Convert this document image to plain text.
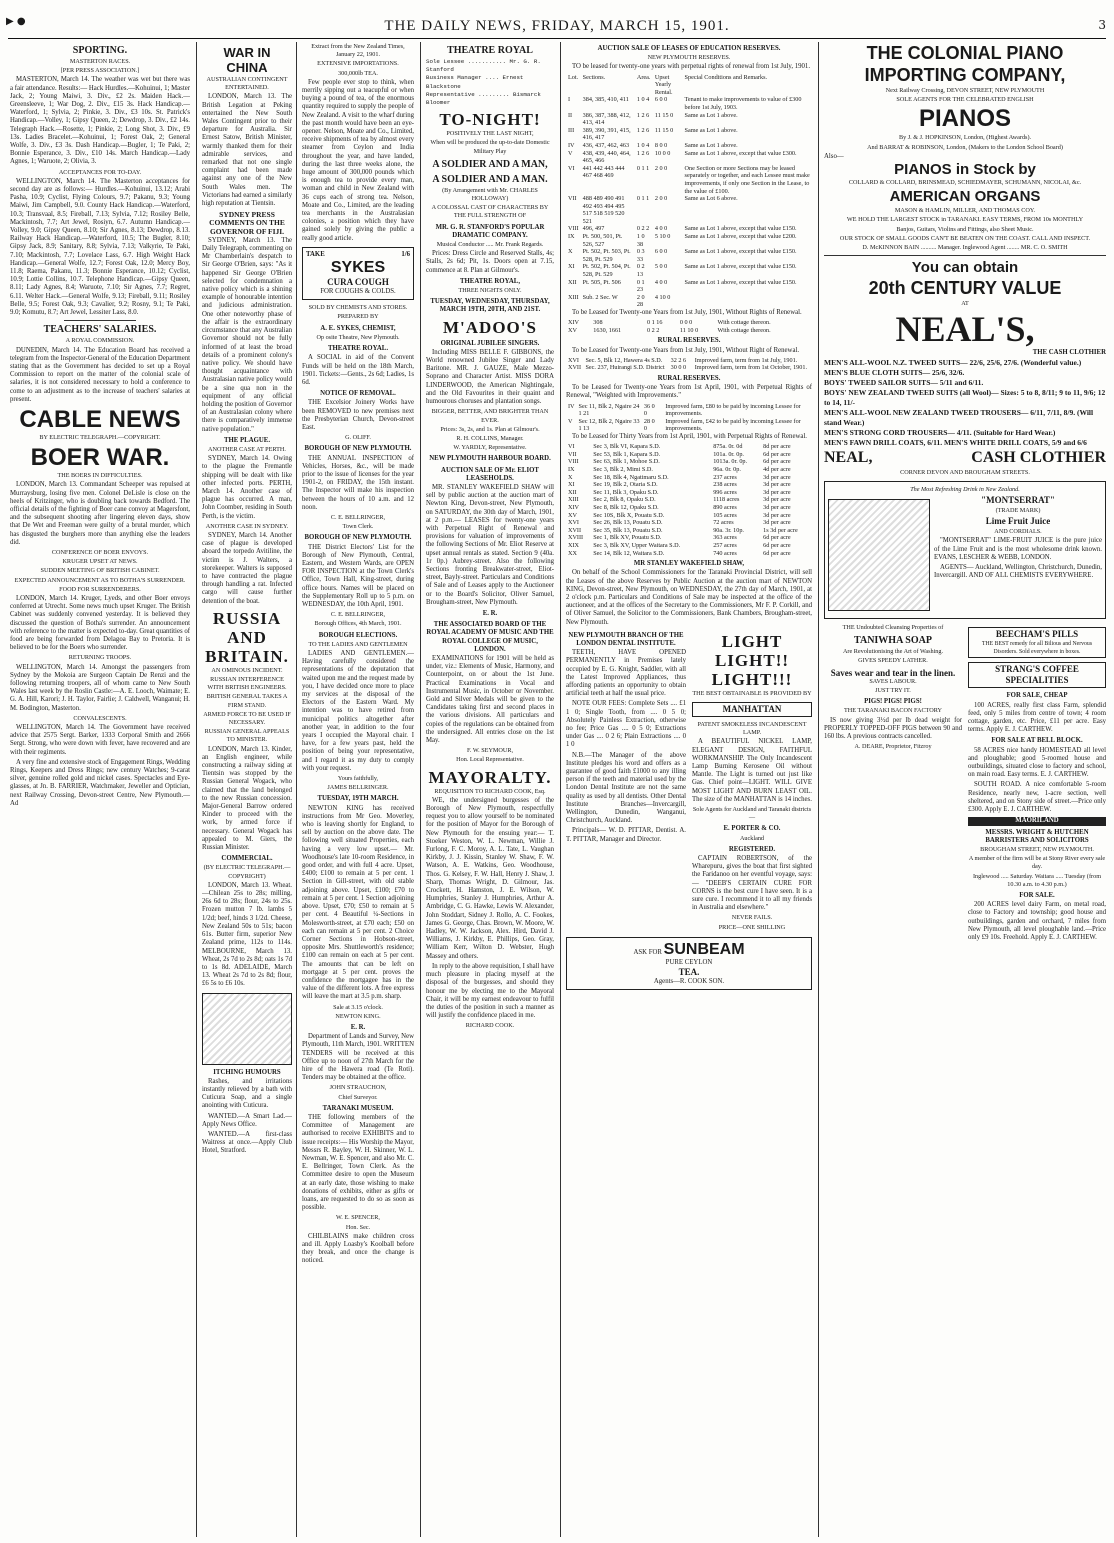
▶ ●	THE DAILY NEWS, FRIDAY, MARCH 15, 1901.	3
SPORTING.
MASTERTON RACES.
[PER PRESS ASSOCIATION.]

MASTERTON, March 14. The weather was wet but there was a fair attendance. Results:— Hack Hurdles.—Kohuinui, 1; Master Jack, 2; Young Maiwi, 3. Div., £2 2s. Maiden Hack.—Greensleeve, 1; War Dog, 2. Div., £15 3s. Hack Handicap.—Waterford, 1; Sylvia, 2; Pinkie, 3. Div., £3 10s. St. Patrick's Handicap.—Volley, 1; Gipsy Queen, 2; Dewdrop, 3. Div., £2 14s. Telegraph Hack.—Rosette, 1; Pinkie, 2; Long Shot, 3. Div., £9 13s. Ladies Bracelet.—Kohuinui, 1; Forest Oak, 2; General Wolfe, 3. Div., £3 3s. Dash Handicap.—Bugler, 1; Te Paki, 2; Bonnie Esperance, 3. Div., £10 14s. March Handicap.—Lady Agnes, 1; Waruote, 2; Olivia, 3.

ACCEPTANCES FOR TO-DAY.

WELLINGTON, March 14. The Masterton acceptances for second day are as follows:— Hurdles.—Kohuinui, 13.12; Arabi Pasha, 10.9; Cyclist, Flying Colours, 9.7; Pakanu, 9.3; Young Maiwi, Jim Campbell, 9.0. County Hack Handicap.—Waterford, 10.3; Transvaal, 8.5; Fireball, 7.13; Sylvia, 7.12; Rosiley Belle, Mackintosh, 7.7; Art Jewel, Rosiyn, 6.7. Autumn Handicap.—Volley, 9.0; Gipsy Queen, 8.10; Sir Agnes, 8.13; Dewdrop, 8.13. Railway Hack Handicap.—Waterford, 10.5; The Bugler, 8.10; Gipsy Jack, 8.9; Sanitary, 8.8; Sylvia, 7.13; Valkyrie, Te Paki, 7.10; Mackintosh, 7.7; Lovelace Lass, 6.7. High Weight Hack Handicap.—General Wolfe, 12.7; Forest Oak, 12.0; Mercy Boy, 11.8; Raema, Pakanu, 11.3; Bonnie Esperance, 10.12; Cyclist, 10.9; Lottie Collins, 10.7. Telephone Handicap.—Gipsy Queen, 8.11; Lady Agnes, 8.4; Waruote, 7.10; Sir Agnes, 7.7; Regret, 6.11. Welter Hack.—General Wolfe, 9.13; Fireball, 9.11; Rosiley Belle, 9.5; Forest Oak, 9.3; Cavalier, 9.2; Rosny, 9.1; Te Paki, 9.0; Komutu, 8.7; Art Jewel, Lessiter Lass, 8.0.

TEACHERS' SALARIES.
A ROYAL COMMISSION.

DUNEDIN, March 14. The Education Board has received a telegram from the Inspector-General of the Education Department stating that as the Government has decided to set up a Royal Commission to report on the matter of the colonial scale of salaries, it is not considered necessary to hold a conference to come to an adjustment as to the increase of teachers' salaries at present.

CABLE NEWS
BY ELECTRIC TELEGRAPH.—COPYRIGHT.
BOER WAR.
THE BOERS IN DIFFICULTIES.

LONDON, March 13. Commandant Scheeper was repulsed at Murraysburg, losing five men. Colonel DeLisle is close on the heels of Kritzinger, who is doubling back towards Bedford. The official details of the fighting of Boer cane convoy at Magersfont, and the subsequent shooting after lingering eleven days, show that De Wet and Freeman were guilty of a brutal murder, which has disgusted the burghers more than anything else the leaders did.

CONFERENCE OF BOER ENVOYS.
KRUGER UPSET AT NEWS.
SUDDEN MEETING OF BRITISH CABINET.
EXPECTED ANNOUNCEMENT AS TO BOTHA'S SURRENDER.
FOOD FOR SURRENDERERS.

LONDON, March 14. Kruger, Lyeds, and other Boer envoys conferred at Utrecht. Some news much upset Kruger. The British Cabinet was suddenly convened yesterday. It is believed they discussed the question of Botha's surrender. An announcement with reference to the matter is expected to-day. Great quantities of food are being forwarded from Delagoa Bay to Pretoria. It is believed to be for the Boers who surrender.

RETURNING TROOPS.

WELLINGTON, March 14. Amongst the passengers from Sydney by the Mokoia are Surgeon Captain De Renzi and the following returning troopers, all of whom came to New South Wales last week by the Roslin Castle:—A. E. Looch, Waimate; E. G. A. Hill, Karori; J. H. Taylor, Fairlie; J. Caldwell, Wanganui; H. M. Bodington, Masterton.

CONVALESCENTS.

WELLINGTON, March 14. The Government have received advice that 2575 Sergt. Barker, 1333 Corporal Smith and 2666 Sergt. Strong, who were down with fever, have recovered and are with their regiments.

A very fine and extensive stock of Engagement Rings, Wedding Rings, Keepers and Dress Rings; new century Watches; 9-carat silver, genuine rolled gold and nickel cases. Spectacles and Eye-glasses, at Jn. B. FARRIER, Watchmaker, Jeweller and Optician, next Railway Crossing, Devon-street Centre, New Plymouth.—Ad

WAR IN CHINA
AUSTRALIAN CONTINGENT ENTERTAINED.

LONDON, March 13. The British Legation at Peking entertained the New South Wales Contingent prior to their departure for Australia. Sir Ernest Satow, British Minister, warmly thanked them for their admirable services, and remarked that not one single complaint had been made against any one of the New South Wales men. The Victorians had earned a similarly high reputation at Tientsin.

SYDNEY PRESS COMMENTS ON THE GOVERNOR OF FIJI.

SYDNEY, March 13. The Daily Telegraph, commenting on Mr Chamberlain's despatch to Sir George O'Brien, says: "As it happened Sir George O'Brien selected for condemnation a native policy which is a shining example of honourable intention and judicious administration. One other noteworthy phase of the affair is the extraordinary circumstance that any Australian Governor should not be fully informed of at least the broad details of a prominent colony's native policy. We should have thought acquaintance with Australasian native policy would be a sine qua non in the equipment of any official holding the position of Governor of an Australasian colony where there is comparatively immense native population."

THE PLAGUE.
ANOTHER CASE AT PERTH.

SYDNEY, March 14. Owing to the plague the Fremantle shipping will be dealt with like other infected ports. PERTH, March 14. Another case of plague has occurred. A man, John Coomber, residing in South Perth, is the victim.

ANOTHER CASE IN SYDNEY.

SYDNEY, March 14. Another case of plague is developed aboard the torpedo Avitiline, the victim is J. Walters, a storekeeper. Walters is supposed to have contracted the plague through handling a rat. Infected cargo will cause further detention of the boat.

RUSSIA AND BRITAIN.
AN OMINOUS INCIDENT.
RUSSIAN INTERFERENCE WITH BRITISH ENGINEERS.
BRITISH GENERAL TAKES A FIRM STAND.
ARMED FORCE TO BE USED IF NECESSARY.
RUSSIAN GENERAL APPEALS TO MINISTER.

LONDON, March 13. Kinder, an English engineer, while constructing a railway siding at Tientsin was stopped by the Russian General Wogack, who claimed that the land belonged to the new Russian concession. Major-General Barrow ordered Kinder to proceed with the work, by armed force if necessary. General Wogack has appealed to M. Giers, the Russian Minister.

COMMERCIAL.
(BY ELECTRIC TELEGRAPH.—COPYRIGHT)

LONDON, March 13. Wheat.—Chilean 25s to 28s; milling, 26s 6d to 28s; flour, 24s to 25s. Frozen mutton 7 lb. lambs 5 1/2d; beef, hinds 3 1/2d. Cheese, New Zealand 50s to 51s; bacon 61s. Butter firm, superior New Zealand prime, 112s to 114s. MELBOURNE, March 13. Wheat, 2s 7d to 2s 8d; oats 1s 7d to 1s 8d. ADELAIDE, March 13. Wheat 2s 7d to 2s 8d; flour, £6 5s to £6 10s.

ITCHING HUMOURS

Rashes, and irritations instantly relieved by a bath with Cuticura Soap, and a single anointing with Cuticura.

WANTED.—A Smart Lad.—Apply News Office.

WANTED.—A first-class Waitress at once.—Apply Club Hotel, Stratford.

Extract from the New Zealand Times, January 22, 1901.
EXTENSIVE IMPORTATIONS.
300,000lb TEA.

Few people ever stop to think, when merrily sipping out a teacupful or when buying a pound of tea, of the enormous quantity required to supply the people of New Zealand. A visit to the wharf during the past month would have been an eye-opener. Nelson, Moate and Co., Limited, receive shipments of tea by almost every steamer from Ceylon and India throughout the year, and have landed, during the last three weeks alone, the huge amount of 300,000 pounds which is enough tea to provide every man, woman and child in New Zealand with 36 cups each of strong tea. Nelson, Moate and Co., Limited, are the leading tea merchants in the Australasian colonies, a position which they have gained solely by giving the public a really good article.

TAKE	1/6
SYKES
CURA COUGH
FOR COUGHS & COLDS.
SOLD BY CHEMISTS AND STORES.
PREPARED BY
A. E. SYKES, CHEMIST,
Op osite Theatre, New Plymouth.
THEATRE ROYAL.

A SOCIAL in aid of the Convent Funds will be held on the 18th March, 1901. Tickets:—Gents., 2s 6d; Ladies, 1s 6d.

NOTICE OF REMOVAL.

THE Excelsior Joinery Works have been REMOVED to new premises next the Presbyterian Church, Devon-street East.

G. OLIFF.
BOROUGH OF NEW PLYMOUTH.

THE ANNUAL INSPECTION of Vehicles, Horses, &c., will be made prior to the issue of licenses for the year 1901-2, on FRIDAY, the 15th instant. The Inspector will make his inspection between the hours of 10 a.m. and 12 noon.

C. E. BELLRINGER,
Town Clerk.
BOROUGH OF NEW PLYMOUTH.

THE District Electors' List for the Borough of New Plymouth, Central, Eastern, and Western Wards, are OPEN FOR INSPECTION at the Town Clerk's Office, Town Hall, King-street, during office hours. Names will be placed on the Supplementary Roll up to 5 p.m. on WEDNESDAY, the 10th April, 1901.

C. E. BELLRINGER,
Borough Offices, 4th March, 1901.
BOROUGH ELECTIONS.
TO THE LADIES AND GENTLEMEN

LADIES AND GENTLEMEN.—Having carefully considered the representations of the deputation that waited upon me and the request made by you, I have decided once more to place my services at the disposal of the Electors of the Eastern Ward. My intention was to have retired from municipal politics altogether after another year, in addition to the four years I occupied the Mayoral chair. I have, for a few years past, held the position of being your representative, and I regard it as my duty to comply with your request.

Yours faithfully,
JAMES BELLRINGER.
TUESDAY, 19TH MARCH.

NEWTON KING has received instructions from Mr Geo. Moverley, who is leaving shortly for England, to sell by auction on the above date. The following well situated Properties, each having a very low upset.— Mr. Woodhouse's late 10-room Residence, in good order, and with full 4 acre. Upset, £400; £100 to remain at 5 per cent. 1 Section in Gill-street, with old stable adjoining above. Upset, £100; £70 to remain at 5 per cent. 1 Section adjoining above. Upset, £70; £50 to remain at 5 per cent. 4 Beautiful ¼-Sections in Molesworth-street, at £70 each; £50 on each can remain at 5 per cent. 2 Choice Corner Sections in Hobson-street, opposite Mrs. Shuttleworth's residence; £100 can remain on each at 5 per cent. The amounts that can be left on mortgage at 5 per cent. proves the confidence the mortgagee has in the value of the different lots. A free express will leave the mart at 3.5 p.m. sharp.

Sale at 3.15 o'clock.
NEWTON KING.
E. R.

Department of Lands and Survey, New Plymouth, 11th March, 1901. WRITTEN TENDERS will be received at this Office up to noon of 27th March for the hire of the Hawera road (Te Roti). Tenders may be obtained at the office.

JOHN STRAUCHON,
Chief Surveyor.
TARANAKI MUSEUM.

THE following members of the Committee of Management are authorised to receive EXHIBITS and to issue receipts:— His Worship the Mayor, Messrs R. Bayley, W. H. Skinner, W. L. Newman, W. E. Spencer, and also Mr. C. E. Bellringer, Town Clerk. As the Committee desire to open the Museum at an early date, those wishing to make donations of exhibits, either as gifts or loans, are requested to do so as soon as possible.

W. E. SPENCER,
Hon. Sec.

CHILBLAINS make children cross and ill. Apply Loasby's Koolball before they break, and once the change is noticed.

THEATRE ROYAL
Sole Lessee ........... Mr. G. R. Stanford
Business Manager .... Ernest Blackstone
Representative ......... Bismarck Bloomer
TO-NIGHT!
POSITIVELY THE LAST NIGHT,
When will be produced the up-to-date Domestic Military Play
A SOLDIER AND A MAN,
A SOLDIER AND A MAN.
(By Arrangement with Mr. CHARLES HOLLOWAY)
A COLOSSAL CAST OF CHARACTERS BY THE FULL STRENGTH OF
MR. G. R. STANFORD'S POPULAR DRAMATIC COMPANY.
Musical Conductor ..... Mr. Frank Regards.

Prices: Dress Circle and Reserved Stalls, 4s; Stalls, 2s 6d; Pit, 1s. Doors open at 7.15, commence at 8. Plan at Gilmour's.

THEATRE ROYAL,
THREE NIGHTS ONLY.
TUESDAY, WEDNESDAY, THURSDAY, MARCH 19TH, 20TH, AND 21ST.
M'ADOO'S
ORIGINAL JUBILEE SINGERS.

Including MISS BELLE F. GIBBONS, the World renowned Jubilee Singer and Lady Baritone. MR. J. GAUZE, Male Mezzo-Soprano and Character Artist. MISS DORA LINDERWOOD, the American Nightingale, and the Old Favourites in their quaint and humourous choruses and plantation songs.

BIGGER, BETTER, AND BRIGHTER THAN EVER.
Prices: 3s, 2s, and 1s. Plan at Gilmour's.
R. H. COLLINS, Manager.
W. YARDLY, Representative.
NEW PLYMOUTH HARBOUR BOARD.
AUCTION SALE OF Mr. ELIOT LEASEHOLDS.

MR. STANLEY WAKEFIELD SHAW will sell by public auction at the auction mart of Newton King, Devon-street, New Plymouth, on SATURDAY, the 30th day of March, 1901, at 2 p.m.— LEASES for twenty-one years with Perpetual Right of Renewal and provisions for valuation of improvements of the following Sections of Mr. Eliot Reserve at upset annual rentals as stated. Section 9 (40a. 1r 0p.) Aubrey-street. Also the following Sections fronting Breakwater-street, Eliot-street, Bayly-street. Particulars and Conditions of Sale and of Leases apply to the Auctioneer or to the Board's Solicitor, Oliver Samuel, Brougham-street, New Plymouth.

E. R.
THE ASSOCIATED BOARD OF THE ROYAL ACADEMY OF MUSIC AND THE ROYAL COLLEGE OF MUSIC, LONDON.

EXAMINATIONS for 1901 will be held as under, viz.: Elements of Music, Harmony, and Counterpoint, on or about the 1st June. Practical Examinations in Vocal and Instrumental Music, in October or November. Gold and Silver Medals will be given to the Candidates taking first and second places in the various divisions. All particulars and copies of the regulations can be obtained from the undersigned. All entries close on the 1st May.

F. W. SEYMOUR,
Hon. Local Representative.
MAYORALTY.
REQUISITION TO RICHARD COOK, Esq.

WE, the undersigned burgesses of the Borough of New Plymouth, respectfully request you to allow yourself to be nominated for the position of Mayor for the Borough of New Plymouth for the ensuing year:— T. Stoeker Weston, W. L. Newman, Willie J. Furlong, F. C. Moroy, A. L. Tate, L. Vaughan Kirkby, J. J. Kissin, Stanley W. Shaw, F. W. Watson, A. E. Watkins, Geo. Woodhouse, Thos. G. Kelsey, F. W. Hall, Henry J. Shaw, J. Sharp, Thomas Wright, D. Gilmour, Jas. Crockett, H. Hamston, J. E. Wilson, W. Humphries, Stanley J. Humphries, Arthur A. Ambridge, C. G. Hawke, Lewis W. Alexander, John Stoddart, Sidney J. Rollo, A. C. Fookes, James G. George, Chas. Brown, W. Moore, W. Hadley, W. W. Jackson, Alex. Hird, David J. Williams, J. Kirkby, E. Phillips, Geo. Gray, William Kerr, Wilton D. Webster, Hugh Massey and others.

In reply to the above requisition, I shall have much pleasure in placing myself at the disposal of the burgesses, and should they honour me by electing me to the Mayoral Chair, it will be my earnest endeavour to fulfil the duties of the position in such a manner as will justify the confidence placed in me.

RICHARD COOK.
AUCTION SALE OF LEASES OF EDUCATION RESERVES.
NEW PLYMOUTH RESERVES.

TO be leased for twenty-one years with perpetual rights of renewal from 1st July, 1901.

Lot.	Sections.	Area.	Upset Yearly Rental.	Special Conditions and Remarks.
I	384, 385, 410, 411	1 0 4	6 0 0	Tenant to make improvements to value of £300 before 1st July, 1903.
II	386, 387, 388, 412, 413, 414	1 2 6	11 15 0	Same as Lot 1 above.
III	389, 390, 391, 415, 416, 417	1 2 6	11 15 0	Same as Lot 1 above.
IV	436, 437, 462, 463	1 0 4	8 0 0	Same as Lot 1 above.
V	438, 439, 440, 464, 465, 466	1 2 6	10 0 0	Same as Lot 1 above, except that value £300.
VI	441 442 443 444 467 468 469	0 1 1	2 0 0	One Section or more Sections may be leased separately or together, and each Lessee must make improvements, if only one Section in the Lease, to the value of £100.
VII	488 489 490 491 492 493 494 495 517 518 519 520 521	0 1 1	2 0 0	Same as Lot 6 above.
VIII	496, 497	0 2 2	4 0 0	Same as Lot 1 above, except that value £150.
IX	Pt. 500, 501, Pt. 526, 527	1 0 38	5 10 0	Same as Lot 1 above, except that value £200.
X	Pt. 502, Pt. 503, Pt. 528, Pt. 529	0 3 33	6 0 0	Same as Lot 1 above, except that value £150.
XI	Pt. 502, Pt. 504, Pt. 528, Pt. 529	0 2 13	5 0 0	Same as Lot 1 above, except that value £150.
XII	Pt. 505, Pt. 506	0 1 23	4 0 0	Same as Lot 1 above, except that value £150.
XIII	Sub. 2 Sec. W	2 0 28	4 10 0	

To be Leased for Twenty-one Years from 1st July, 1901, Without Rights of Renewal.

XIV	308	0 1 16	0 0 0	With cottage thereon.
XV	1630, 1661	0 2 2	11 10 0	With cottage thereon.
RURAL RESERVES.

To be Leased for Twenty-one Years from 1st July, 1901, Without Right of Renewal.

XVI	Sec. 5, Blk 12, Hawera 4s S.D.	32 2 6		Improved farm, term from 1st July, 1901.
XVII	Sec. 237, Huirangi S.D. District	30 0 0		Improved farm, term from 1st October, 1901.
RURAL RESERVES.

To be Leased for Twenty-one Years from 1st April, 1901, with Perpetual Rights of Renewal, "Weighted with Improvements."

IV	Sec 11, Blk 2, Ngaire 24 1 21	36 0 0		Improved farm, £80 to be paid by incoming Lessee for improvements.
V	Sec 12, Blk 2, Ngaire 33 1 13	28 0 0		Improved farm, £42 to be paid by incoming Lessee for improvements.

To be Leased for Thirty Years from 1st April, 1901, with Perpetual Rights of Renewal.

VI	Sec 3, Blk VI, Kapara S.D.	875a. 0r. 0d	8d per acre
VII	Sec 53, Blk 1, Kapara S.D.	101a. 0r. 0p.	6d per acre
VIII	Sec 63, Blk 1, Mohoe S.D.	1013a. 0r. 0p.	6d per acre
IX	Sec 3, Blk 2, Mimi S.D.	96a. 0r. 0p.	4d per acre
X	Sec 18, Blk 4, Ngatimaru S.D.	237 acres	3d per acre
XI	Sec 19, Blk 2, Otaria S.D.	238 acres	3d per acre
XII	Sec 11, Blk 3, Opaku S.D.	996 acres	3d per acre
XIII	Sec 2, Blk 8, Opaku S.D.	1118 acres	3d per acre
XIV	Sec 8, Blk 12, Opaku S.D.	890 acres	3d per acre
XV	Sec 10S, Blk X, Pouatu S.D.	105 acres	3d per acre
XVI	Sec 26, Blk 13, Pouatu S.D.	72 acres	3d per acre
XVII	Sec 35, Blk 13, Pouatu S.D.	90a. 3r. 10p.	1s 3d per acre
XVIII	Sec 1, Blk XV, Pouatu S.D.	363 acres	6d per acre
XIX	Sec 3, Blk XV, Upper Waitara S.D.	257 acres	6d per acre
XX	Sec 14, Blk 12, Waitara S.D.	740 acres	6d per acre
MR STANLEY WAKEFIELD SHAW,

On behalf of the School Commissioners for the Taranaki Provincial District, will sell the Leases of the above Reserves by Public Auction at the auction mart of NEWTON KING, Devon-street, New Plymouth, on WEDNESDAY, the 27th day of March, 1901, at 2 o'clock p.m. Particulars and Conditions of Sale may be inspected at the office of the auctioneer, and at the offices of the Secretary to the Commissioners, Mr F. P. Corkill, and of Oliver Samuel, the Solicitor to the Commissioners, Bank Chambers, Brougham-street, New Plymouth.

NEW PLYMOUTH BRANCH OF THE LONDON DENTAL INSTITUTE.

TEETH, HAVE OPENED PERMANENTLY in Premises lately occupied by E. G. Knight, Saddler, with all the Latest Improved Appliances, thus affording patients an opportunity to obtain artificial teeth at half the usual price.

NOTE OUR FEES: Complete Sets .... £1 1 0; Single Tooth, from .... 0 5 0; Absolutely Painless Extraction, otherwise no fee; Price Gas .... 0 5 0; Extractions under Gas .... 0 2 6; Plain Extractions .... 0 1 0

N.B.—The Manager of the above Institute pledges his word and offers as a guarantee of good faith £1000 to any illing person if the teeth and material used by the London Dental Institute are not the same quality as used by all dentists. Other Dental Institute Branches—Invercargill, Wellington, Dunedin, Wanganui, Christchurch, Auckland.

Principals— W. D. PITTAR, Dentist. A. T. PITTAR, Manager and Director.

LIGHT LIGHT!! LIGHT!!!
THE BEST OBTAINABLE IS PROVIDED BY
MANHATTAN
PATENT SMOKELESS INCANDESCENT LAMP.

A BEAUTIFUL NICKEL LAMP, ELEGANT DESIGN, FAITHFUL WORKMANSHIP. The Only Incandescent Lamp Burning Kerosene Oil without Mantle. The Light is turned out just like Gas. Chief point—LIGHT. WILL GIVE MOST LIGHT AND BURN LEAST OIL. The size of the MANHATTAN is 14 inches.

Sole Agents for Auckland and Taranaki districts—
E. PORTER & CO.
Auckland
REGISTERED.

CAPTAIN ROBERTSON, of the Wharepuru, gives the boat that first sighted the Faridanoo on her eventful voyage, says:— "DEEB'S CERTAIN CURE FOR CORNS is the best cure I have seen. It is a sure cure. I recommend it to all my friends in Australia and elsewhere."

NEVER FAILS.
PRICE—ONE SHILLING
ASK FOR SUNBEAM
PURE CEYLON
TEA.
Agents—R. COOK SON.
THE COLONIAL PIANO IMPORTING COMPANY,
Next Railway Crossing, DEVON STREET, NEW PLYMOUTH
SOLE AGENTS FOR THE CELEBRATED ENGLISH
PIANOS
By J. & J. HOPKINSON, London, (Highest Awards).
And BARRAT & ROBINSON, London, (Makers to the London School Board)
Also—
PIANOS in Stock by
COLLARD & COLLARD, BRINSMEAD, SCHIEDMAYER, SCHUMANN, NICOLAI, &c.
AMERICAN ORGANS
MASON & HAMLIN, MILLER, AND THOMAS COY.
WE HOLD THE LARGEST STOCK in TARANAKI. EASY TERMS, FROM 10s MONTHLY
Banjos, Guitars, Violins and Fittings, also Sheet Music.
OUR STOCK OF SMALL GOODS CAN'T BE BEATEN ON THE COAST. CALL AND INSPECT.
D. McKINNON BAIN .......... Manager. Inglewood Agent ........ MR. C. O. SMITH
You can obtain
20th CENTURY VALUE
AT
NEAL'S,
THE CASH CLOTHIER
MEN'S ALL-WOOL N.Z. TWEED SUITS— 22/6, 25/6, 27/6. (Wonderful value.)
MEN'S BLUE CLOTH SUITS— 25/6, 32/6.
BOYS' TWEED SAILOR SUITS— 5/11 and 6/11.
BOYS' NEW ZEALAND TWEED SUITS (all Wool)— Sizes: 5 to 8, 8/11; 9 to 11, 9/6; 12 to 14, 11/-
MEN'S ALL-WOOL NEW ZEALAND TWEED TROUSERS— 6/11, 7/11, 8/9. (Will stand Wear.)
MEN'S STRONG CORD TROUSERS— 4/11. (Suitable for Hard Wear.)
MEN'S FAWN DRILL COATS, 6/11. MEN'S WHITE DRILL COATS, 5/9 and 6/6
NEAL,	CASH CLOTHIER
CORNER DEVON AND BROUGHAM STREETS.
The Most Refreshing Drink in New Zealand.
"MONTSERRAT"
(TRADE MARK)
Lime Fruit Juice
AND CORDIALS.

"MONTSERRAT" LIME-FRUIT JUICE is the pure juice of the Lime Fruit and is the most wholesome drink known. EVANS, LESCHER & WEBB, LONDON.

AGENTS— Auckland, Wellington, Christchurch, Dunedin, Invercargill. AND OF ALL CHEMISTS EVERYWHERE.

THE Undoubted Cleansing Properties of
TANIWHA SOAP
Are Revolutionising the Art of Washing.
GIVES SPEEDY LATHER.
Saves wear and tear in the linen.
SAVES LABOUR.
JUST TRY IT.
PIGS! PIGS! PIGS!
THE TARANAKI BACON FACTORY

IS now giving 3½d per lb dead weight for PROPERLY TOPPED-OFF PIGS between 90 and 160 lbs. A previous contracts cancelled.

A. DEARE, Proprietor, Fitzroy
BEECHAM'S PILLS
THE BEST remedy for all Bilious and Nervous Disorders. Sold everywhere in boxes.
STRANG'S COFFEE SPECIALITIES
FOR SALE, CHEAP

100 ACRES, really first class Farm, splendid feed, only 5 miles from centre of town; 4 room cottage, garden, etc. Price, £11 per acre. Easy terms. Apply E. J. CARTHEW.

FOR SALE AT BELL BLOCK.

58 ACRES nice handy HOMESTEAD all level and ploughable; good 5-roomed house and outbuildings, situated close to factory and school, on main road. Easy terms. E. J. CARTHEW.

SOUTH ROAD. A nice comfortable 5-room Residence, nearly new, 1-acre section, well sheltered, and on Stony side of street.—Price only £300. Apply E. J. CARTHEW.

MAORILAND
MESSRS. WRIGHT & HUTCHEN BARRISTERS AND SOLICITORS
BROUGHAM STREET, NEW PLYMOUTH.
A member of the firm will be at Stony River every sale day.
Inglewood ..... Saturday. Waitara ..... Tuesday (from 10.30 a.m. to 4.30 p.m.)
FOR SALE.

200 ACRES level dairy Farm, on metal road, close to Factory and township; good house and outbuildings, garden and orchard, 7 miles from New Plymouth, all level ploughable land.—Price only £9 10s. Freehold. Apply E. J. CARTHEW.
